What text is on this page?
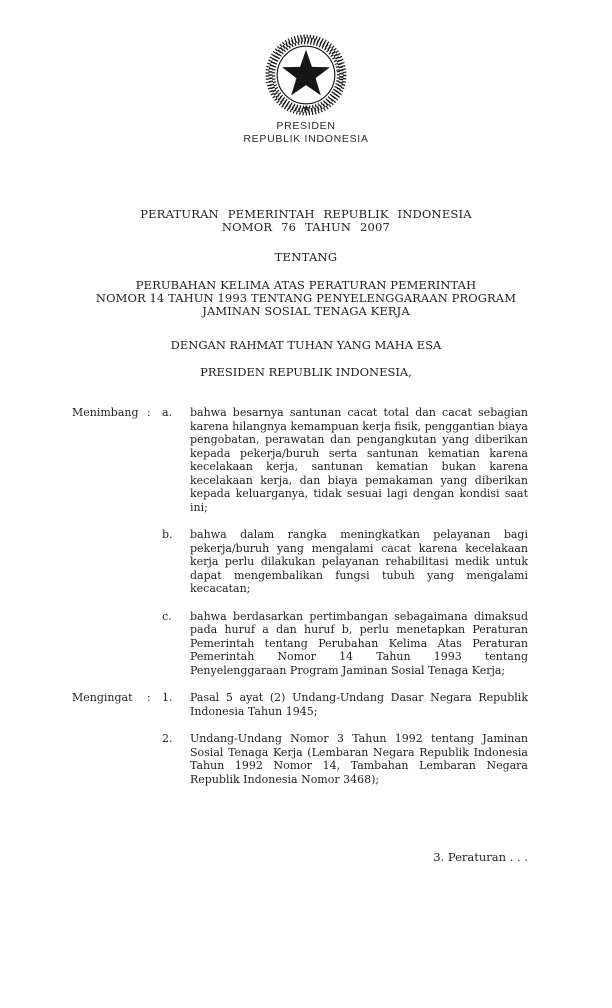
PRESIDEN
REPUBLIK INDONESIA
PERATURAN PEMERINTAH REPUBLIK INDONESIA
NOMOR 76 TAHUN 2007
TENTANG
PERUBAHAN KELIMA ATAS PERATURAN PEMERINTAH
NOMOR 14 TAHUN 1993 TENTANG PENYELENGGARAAN PROGRAM
JAMINAN SOSIAL TENAGA KERJA
DENGAN RAHMAT TUHAN YANG MAHA ESA
PRESIDEN REPUBLIK INDONESIA,
Menimbang :	a.	bahwa besarnya santunan cacat total dan cacat sebagian karena hilangnya kemampuan kerja fisik, penggantian biaya pengobatan, perawatan dan pengangkutan yang diberikan kepada pekerja/buruh serta santunan kematian karena kecelakaan kerja, santunan kematian bukan karena kecelakaan kerja, dan biaya pemakaman yang diberikan kepada keluarganya, tidak sesuai lagi dengan kondisi saat ini;
b.	bahwa dalam rangka meningkatkan pelayanan bagi pekerja/buruh yang mengalami cacat karena kecelakaan kerja perlu dilakukan pelayanan rehabilitasi medik untuk dapat mengembalikan fungsi tubuh yang mengalami kecacatan;
c.	bahwa berdasarkan pertimbangan sebagaimana dimaksud pada huruf a dan huruf b, perlu menetapkan Peraturan Pemerintah tentang Perubahan Kelima Atas Peraturan Pemerintah Nomor 14 Tahun 1993 tentang Penyelenggaraan Program Jaminan Sosial Tenaga Kerja;
Mengingat	:	1.	Pasal 5 ayat (2) Undang-Undang Dasar Negara Republik Indonesia Tahun 1945;
2.	Undang-Undang Nomor 3 Tahun 1992 tentang Jaminan Sosial Tenaga Kerja (Lembaran Negara Republik Indonesia Tahun 1992 Nomor 14, Tambahan Lembaran Negara Republik Indonesia Nomor 3468);
3. Peraturan . . .
